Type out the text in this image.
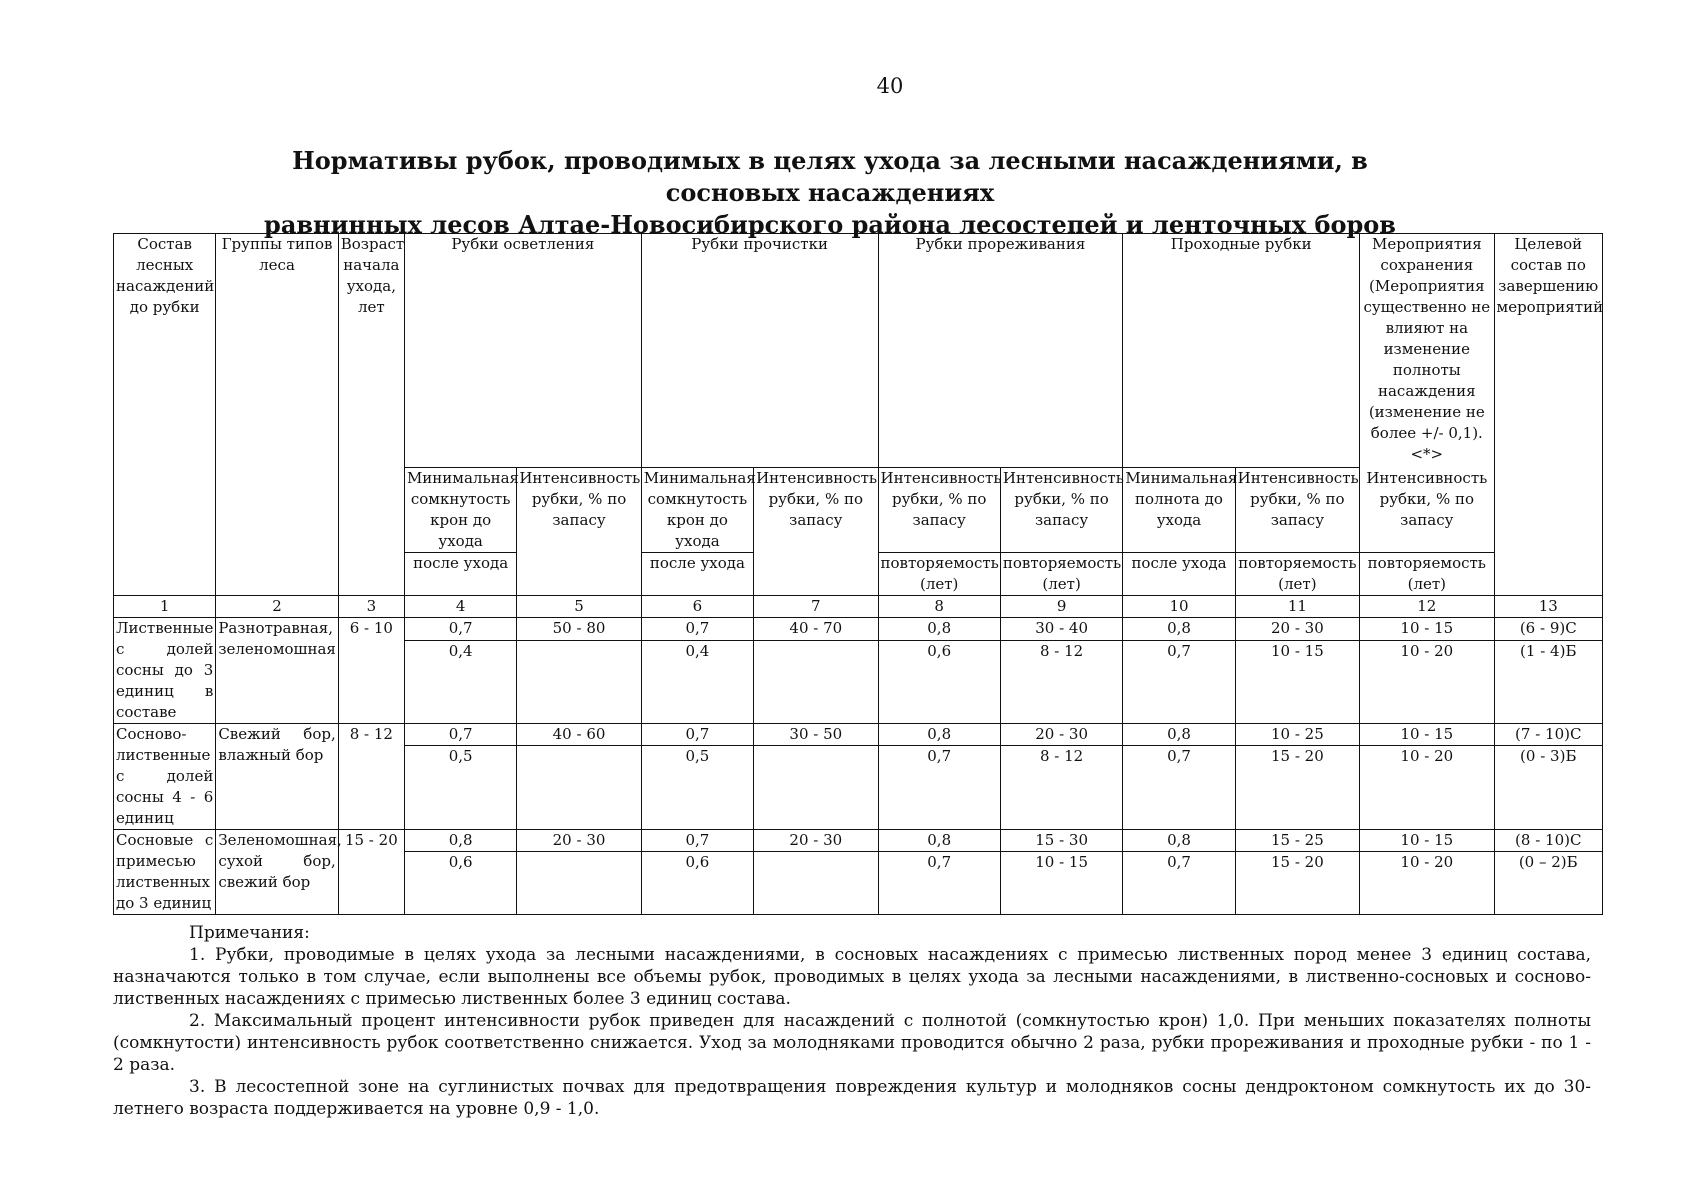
40
Нормативы рубок, проводимых в целях ухода за лесными насаждениями, в сосновых насаждениях
равнинных лесов Алтае-Новосибирского района лесостепей и ленточных боров
Состав лесных насаждений до рубки	Группы типов леса	Возраст начала ухода, лет	Рубки осветления		Рубки прочистки		Рубки прореживания		Проходные рубки		Мероприятия сохранения (Мероприятия существенно не влияют на изменение полноты насаждения (изменение не более +/- 0,1). <*>	Целевой состав по завершению мероприятий
			Минимальная сомкнутость крон до ухода	Интенсивность рубки, % по запасу	Минимальная сомкнутость крон до ухода	Интенсивность рубки, % по запасу	Интенсивность рубки, % по запасу	Интенсивность рубки, % по запасу	Минимальная полнота до ухода	Интенсивность рубки, % по запасу	Интенсивность рубки, % по запасу	
			после ухода		после ухода		повторяемость (лет)	повторяемость (лет)	после ухода	повторяемость (лет)	повторяемость (лет)	
1	2	3	4	5	6	7	8	9	10	11	12	13
Лиственные с долей сосны до 3 единиц в составе	Разнотравная, зеленомошная	6 - 10	0,7	50 - 80	0,7	40 - 70	0,8	30 - 40	0,8	20 - 30	10 - 15	(6 - 9)С
			0,4		0,4		0,6	8 - 12	0,7	10 - 15	10 - 20	(1 - 4)Б
Сосново-лиственные с долей сосны 4 - 6 единиц	Свежий бор, влажный бор	8 - 12	0,7	40 - 60	0,7	30 - 50	0,8	20 - 30	0,8	10 - 25	10 - 15	(7 - 10)С
			0,5		0,5		0,7	8 - 12	0,7	15 - 20	10 - 20	(0 - 3)Б
Сосновые с примесью лиственных до 3 единиц	Зеленомошная, сухой бор, свежий бор	15 - 20	0,8	20 - 30	0,7	20 - 30	0,8	15 - 30	0,8	15 - 25	10 - 15	(8 - 10)С
			0,6		0,6		0,7	10 - 15	0,7	15 - 20	10 - 20	(0 – 2)Б

Примечания:

1. Рубки, проводимые в целях ухода за лесными насаждениями, в сосновых насаждениях с примесью лиственных пород менее 3 единиц состава, назначаются только в том случае, если выполнены все объемы рубок, проводимых в целях ухода за лесными насаждениями, в лиственно-сосновых и сосново-лиственных насаждениях с примесью лиственных более 3 единиц состава.

2. Максимальный процент интенсивности рубок приведен для насаждений с полнотой (сомкнутостью крон) 1,0. При меньших показателях полноты (сомкнутости) интенсивность рубок соответственно снижается. Уход за молодняками проводится обычно 2 раза, рубки прореживания и проходные рубки - по 1 - 2 раза.

3. В лесостепной зоне на суглинистых почвах для предотвращения повреждения культур и молодняков сосны дендроктоном сомкнутость их до 30-летнего возраста поддерживается на уровне 0,9 - 1,0.
